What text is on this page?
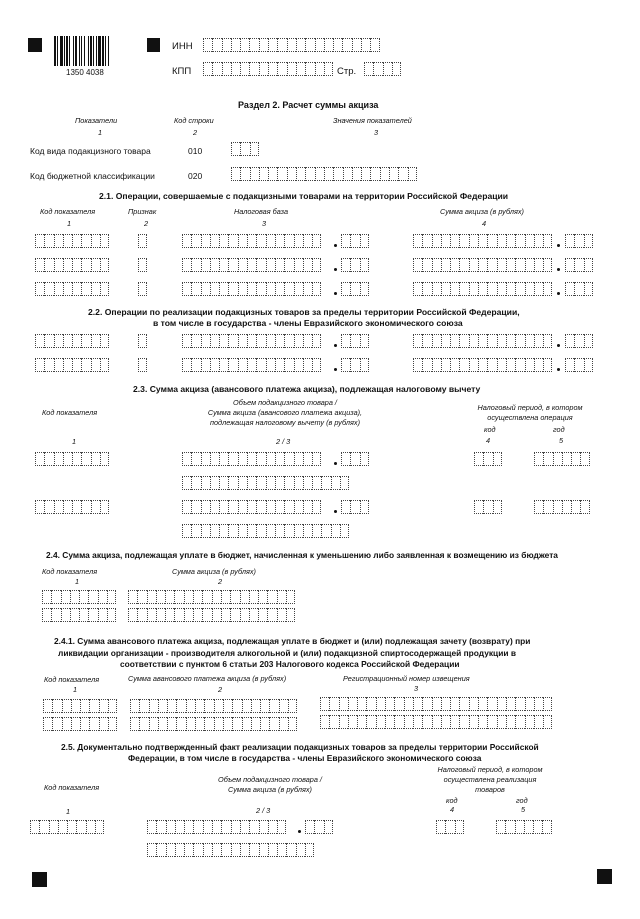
1350 4038
ИНН
КПП	Стр.
Раздел 2. Расчет суммы акциза
Показатели	Код строки	Значения показателей
1	2	3
Код вида подакцизного товара	010
Код бюджетной классификации	020
2.1. Операции, совершаемые с подакцизными товарами на территории Российской Федерации
Код показателя	Признак	Налоговая база	Сумма акциза (в рублях)
1	2	3	4
2.2. Операции по реализации подакцизных товаров за пределы территории Российской Федерации,
в том числе в государства - члены Евразийского экономического союза
2.3. Сумма акциза (авансового платежа акциза), подлежащая налоговому вычету
Код показателя
Объем подакцизного товара /
Сумма акциза (авансового платежа акциза),
подлежащая налоговому вычету (в рублях)
Налоговый период, в котором
осуществлена операция
код	год
1	2 / 3	4	5
2.4. Сумма акциза, подлежащая уплате в бюджет, начисленная к уменьшению либо заявленная к возмещению из бюджета
Код показателя	Сумма акциза (в рублях)
1	2
2.4.1. Сумма авансового платежа акциза, подлежащая уплате в бюджет и (или) подлежащая зачету (возврату) при
ликвидации организации - производителя алкогольной и (или) подакцизной спиртосодержащей продукции в
соответствии с пунктом 6 статьи 203 Налогового кодекса Российской Федерации
Код показателя	Сумма авансового платежа акциза (в рублях)	Регистрационный номер извещения
1	2	3
2.5. Документально подтвержденный факт реализации подакцизных товаров за пределы территории Российской
Федерации, в том числе в государства - члены Евразийского экономического союза
Код показателя
Объем подакцизного товара /
Сумма акциза (в рублях)
Налоговый период, в котором
осуществлена реализация
товаров
код	год
1	2 / 3	4	5
